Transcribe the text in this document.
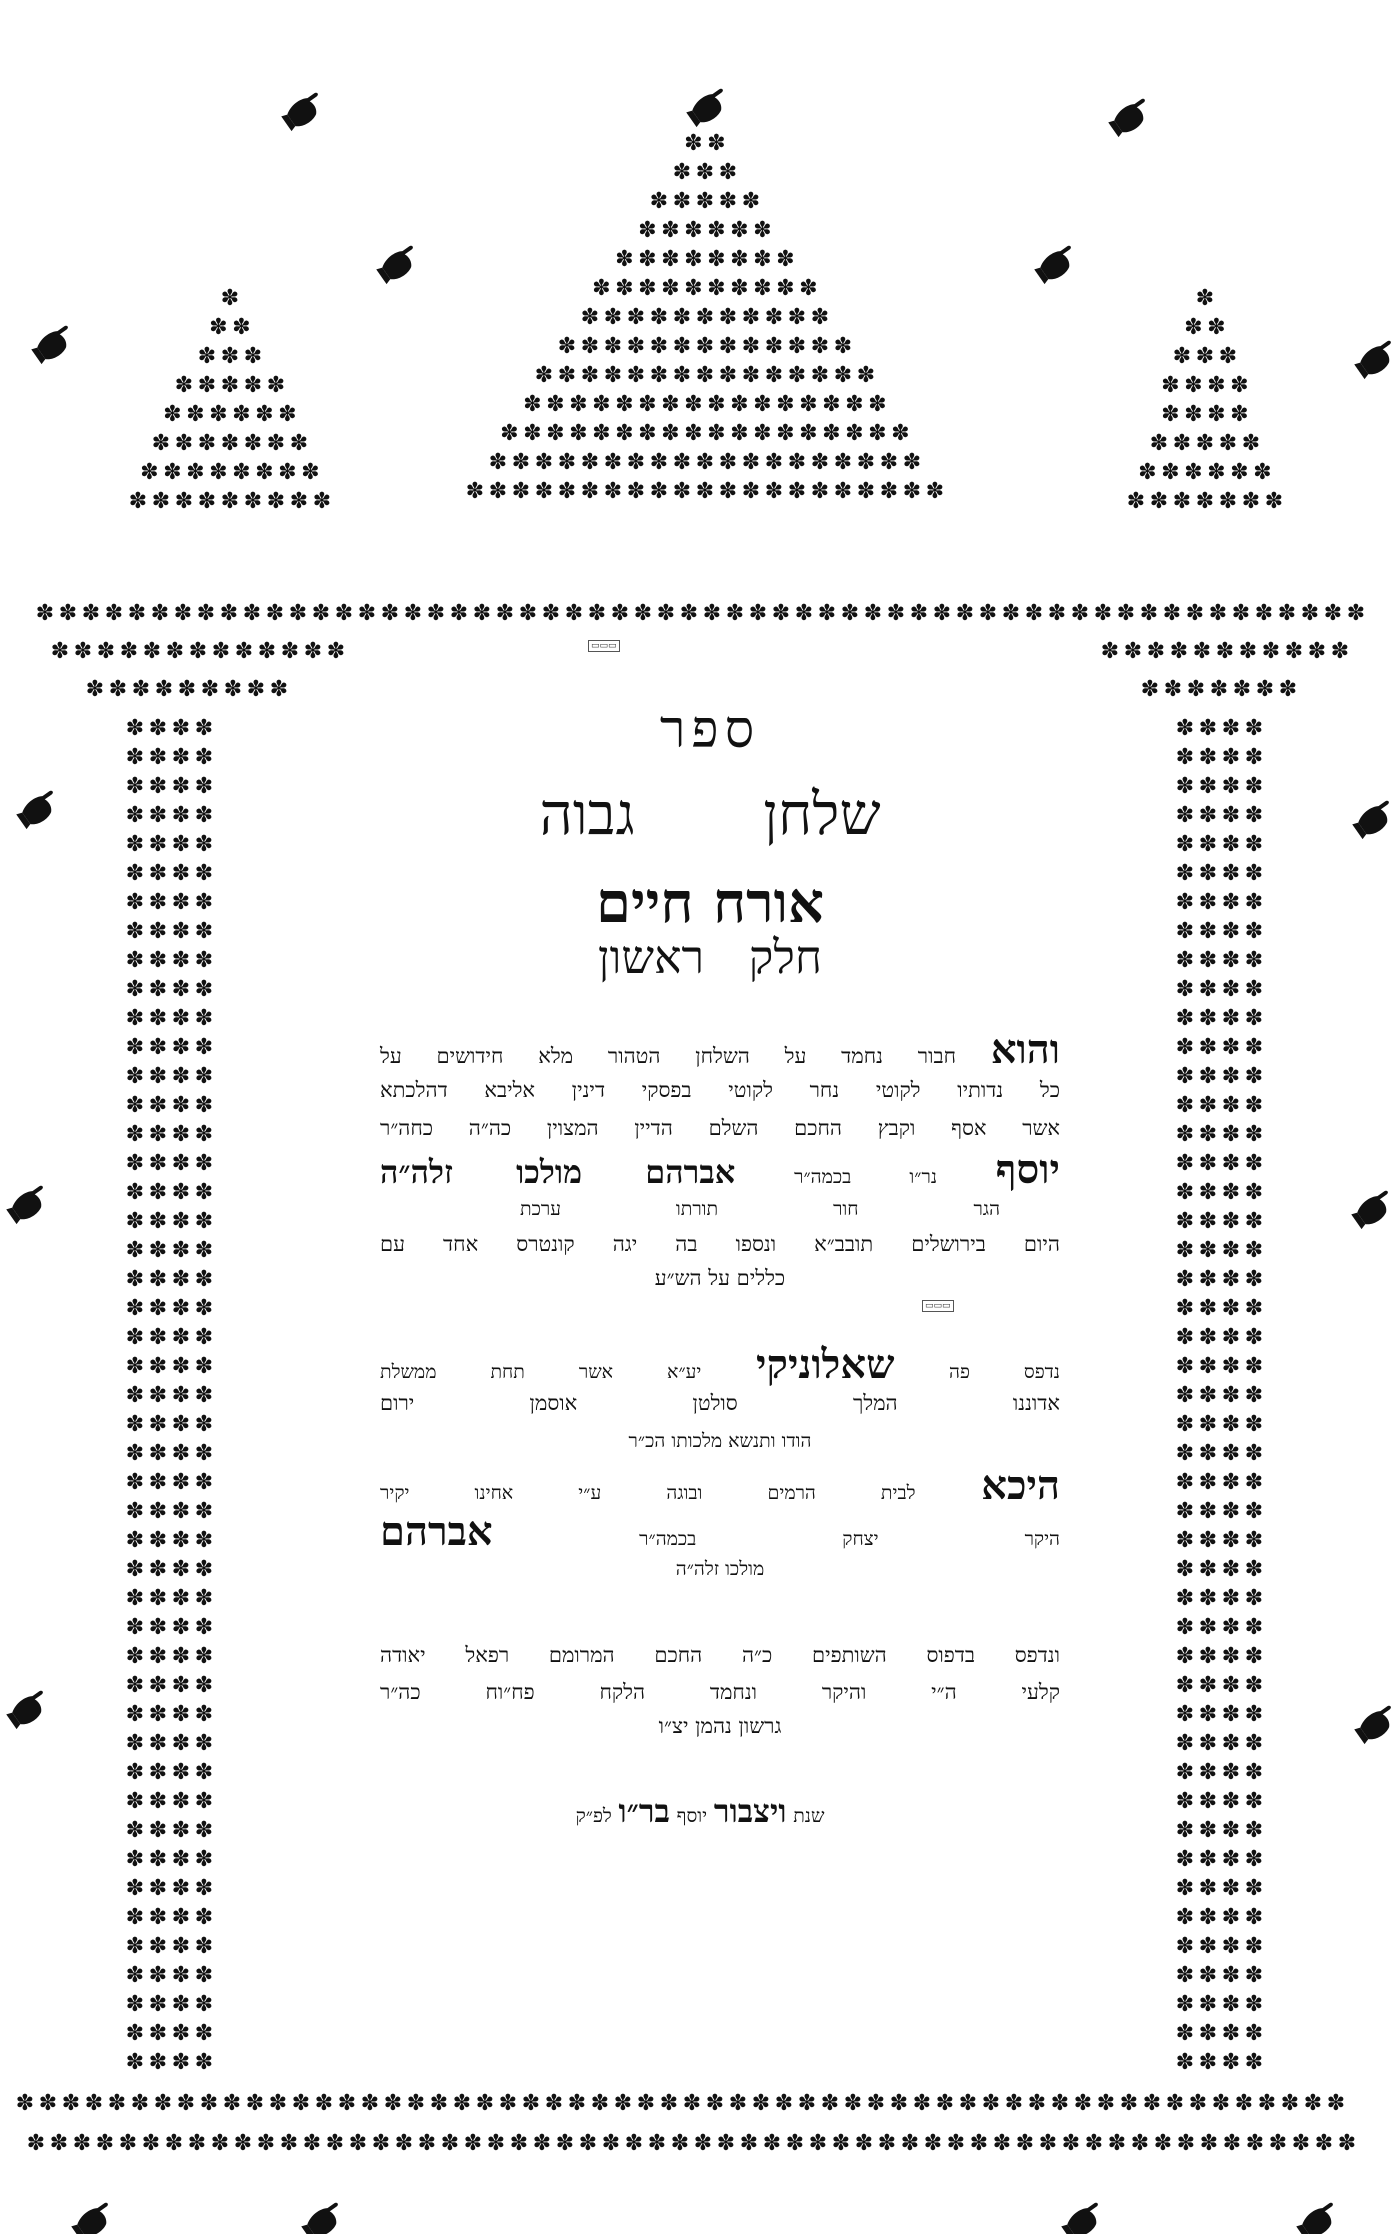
✽ ✽
✽ ✽ ✽
✽ ✽ ✽ ✽ ✽
✽ ✽ ✽ ✽ ✽ ✽
✽ ✽ ✽ ✽ ✽ ✽ ✽ ✽
✽ ✽ ✽ ✽ ✽ ✽ ✽ ✽ ✽ ✽
✽ ✽ ✽ ✽ ✽ ✽ ✽ ✽ ✽ ✽ ✽
✽ ✽ ✽ ✽ ✽ ✽ ✽ ✽ ✽ ✽ ✽ ✽ ✽
✽ ✽ ✽ ✽ ✽ ✽ ✽ ✽ ✽ ✽ ✽ ✽ ✽ ✽ ✽
✽ ✽ ✽ ✽ ✽ ✽ ✽ ✽ ✽ ✽ ✽ ✽ ✽ ✽ ✽ ✽
✽ ✽ ✽ ✽ ✽ ✽ ✽ ✽ ✽ ✽ ✽ ✽ ✽ ✽ ✽ ✽ ✽ ✽
✽ ✽ ✽ ✽ ✽ ✽ ✽ ✽ ✽ ✽ ✽ ✽ ✽ ✽ ✽ ✽ ✽ ✽ ✽
✽ ✽ ✽ ✽ ✽ ✽ ✽ ✽ ✽ ✽ ✽ ✽ ✽ ✽ ✽ ✽ ✽ ✽ ✽ ✽ ✽
✽
✽ ✽
✽ ✽ ✽
✽ ✽ ✽ ✽ ✽
✽ ✽ ✽ ✽ ✽ ✽
✽ ✽ ✽ ✽ ✽ ✽ ✽
✽ ✽ ✽ ✽ ✽ ✽ ✽ ✽
✽ ✽ ✽ ✽ ✽ ✽ ✽ ✽ ✽
✽
✽ ✽
✽ ✽ ✽
✽ ✽ ✽ ✽
✽ ✽ ✽ ✽
✽ ✽ ✽ ✽ ✽
✽ ✽ ✽ ✽ ✽ ✽
✽ ✽ ✽ ✽ ✽ ✽ ✽
✽ ✽ ✽ ✽ ✽ ✽ ✽ ✽ ✽ ✽ ✽ ✽ ✽ ✽ ✽ ✽ ✽ ✽ ✽ ✽ ✽ ✽ ✽ ✽ ✽ ✽ ✽ ✽ ✽ ✽ ✽ ✽ ✽ ✽ ✽ ✽ ✽ ✽ ✽ ✽ ✽ ✽ ✽ ✽ ✽ ✽ ✽ ✽ ✽ ✽ ✽ ✽ ✽ ✽ ✽ ✽ ✽ ✽
✽ ✽ ✽ ✽ ✽ ✽ ✽ ✽ ✽ ✽ ✽ ✽ ✽	✽ ✽ ✽ ✽ ✽ ✽ ✽ ✽ ✽ ✽ ✽
✽ ✽ ✽ ✽ ✽ ✽ ✽ ✽ ✽	✽ ✽ ✽ ✽ ✽ ✽ ✽
✽	✽
✽	✽
✽	✽
✽	✽
✽	✽
✽	✽
✽	✽
✽	✽
✽	✽
✽	✽
✽	✽
✽	✽
✽	✽
✽	✽
✽	✽
✽	✽
✽	✽
✽	✽
✽	✽
✽	✽
✽	✽
✽	✽
✽	✽
✽	✽
✽	✽
✽	✽
✽	✽
✽	✽
✽	✽
✽	✽
✽	✽
✽	✽
✽	✽
✽	✽
✽	✽
✽	✽
✽	✽
✽	✽
✽	✽
✽	✽
✽	✽
✽	✽
✽	✽
✽	✽
✽	✽
✽	✽
✽	✽
✽	✽
✽	✽
✽	✽
✽	✽
✽	✽
✽	✽
✽	✽
✽	✽
✽	✽
✽	✽
✽	✽
✽	✽
✽	✽
✽	✽
✽	✽
✽	✽
✽	✽
✽	✽
✽	✽
✽	✽
✽	✽
✽	✽
✽	✽
✽	✽
✽	✽
✽	✽
✽	✽
✽	✽
✽	✽
✽	✽
✽	✽
✽	✽
✽	✽
✽	✽
✽	✽
✽	✽
✽	✽
✽	✽
✽	✽
✽	✽
✽	✽
✽	✽
✽	✽
✽	✽
✽	✽
✽	✽
✽	✽
✽	✽
✽	✽
✽	✽
✽	✽
✽	✽
✽	✽
✽	✽
✽	✽
✽	✽
✽	✽
✽	✽
✽	✽
✽	✽
✽	✽
✽	✽
✽	✽
✽	✽
✽	✽
✽	✽
✽	✽
✽	✽
✽	✽
✽	✽
✽	✽
✽	✽
✽	✽
✽	✽
✽	✽
✽	✽
✽	✽
✽	✽
✽	✽
✽	✽
✽	✽
✽	✽
✽	✽
✽	✽
✽	✽
✽	✽
✽	✽
✽	✽
✽	✽
✽	✽
✽	✽
✽	✽
✽	✽
✽	✽
✽	✽
✽	✽
✽	✽
✽	✽
✽	✽
✽	✽
✽	✽
✽	✽
✽	✽
✽	✽
✽	✽
✽	✽
✽	✽
✽	✽
✽	✽
✽	✽
✽	✽
✽	✽
✽	✽
✽	✽
✽	✽
✽	✽
✽	✽
✽	✽
✽	✽
✽	✽
✽	✽
✽	✽
✽	✽
✽	✽
✽	✽
✽	✽
✽	✽
✽	✽
✽	✽
✽	✽
✽	✽
✽	✽
✽	✽
✽	✽
✽	✽
✽	✽
✽	✽
✽	✽
✽	✽
✽	✽
✽	✽
✽
✽
✽
✽
✽
✽
✽
✽
✽
✽
✽
✽
✽
✽
✽
✽
✽
✽
✽
✽
✽
✽
✽
✽
✽
✽
✽
✽
✽
✽
✽
✽
✽
✽
✽
✽
✽
✽
✽
✽
✽
✽
✽
✽
✽
✽
✽
✽
✽
✽
✽
✽
✽
✽
✽
✽
✽
✽
✽
✽
✽
✽
✽
✽
✽
✽
✽
✽
✽
✽
✽
✽
✽
✽
✽
✽
✽
✽
✽
✽
✽
✽
✽
✽
✽
✽
✽
✽
✽
✽
✽
✽
✽
✽
✽
✽
✽
✽
✽
✽
✽
✽
✽
✽
✽
✽
✽
✽
✽
✽
✽
✽
✽
✽
✽
✽
▭▭▭
▭▭▭
ספר
שלחן גבוה
אורח חיים
חלק ראשון
והוא חבור נחמד על השלחן הטהור מלא חידושים על
כל נדותיו לקוטי נחר לקוטי בפסקי דינין אליבא דהלכתא
אשר אסף וקבץ החכם השלם הדיין המצוין כה״ה כחה״ר
יוסף נר״ו בכמה״ר אברהם מולכו זלה״ה
הגר חור תורתו ערכת
היום בירושלים תובב״א ונספו בה יגה קונטרס אחד עם
כללים על הש״ע
נדפס פה שאלוניקי יע״א אשר תחת ממשלת
אדוננו המלך סולטן אוסמן ירום
הודו ותנשא מלכותו הכ״ר
היכא לבית הרמים ובוגה ע״י אחינו יקיר
היקר יצחק בכמה״ר אברהם
מולכו זלה״ה
ונדפס בדפוס השותפים כ״ה החכם המרומם רפאל יאודה
קלעי ה״י והיקר ונחמד הלקח פח״וח כה״ר
גרשון נהמן יצ״ו
שנת ויצבור יוסף בר״ו לפ״ק
